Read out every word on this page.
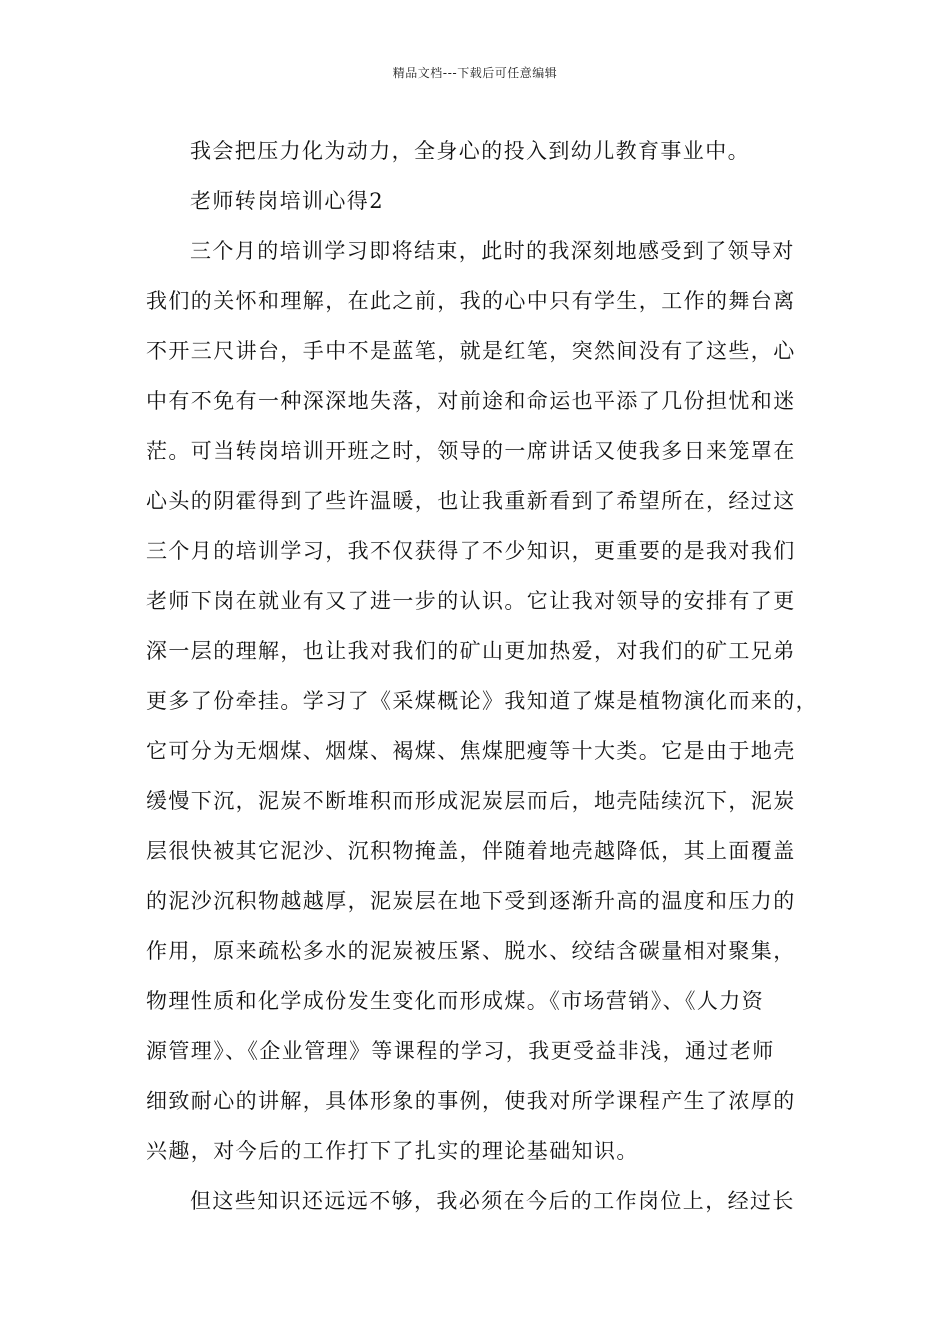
精品文档---下载后可任意编辑
我会把压力化为动力，全身心的投入到幼儿教育事业中。
老师转岗培训心得2
三个月的培训学习即将结束，此时的我深刻地感受到了领导对
我们的关怀和理解，在此之前，我的心中只有学生，工作的舞台离
不开三尺讲台，手中不是蓝笔，就是红笔，突然间没有了这些，心
中有不免有一种深深地失落，对前途和命运也平添了几份担忧和迷
茫。可当转岗培训开班之时，领导的一席讲话又使我多日来笼罩在
心头的阴霍得到了些许温暖，也让我重新看到了希望所在，经过这
三个月的培训学习，我不仅获得了不少知识，更重要的是我对我们
老师下岗在就业有又了进一步的认识。它让我对领导的安排有了更
深一层的理解，也让我对我们的矿山更加热爱，对我们的矿工兄弟
更多了份牵挂。学习了《采煤概论》我知道了煤是植物演化而来的，
它可分为无烟煤、烟煤、褐煤、焦煤肥瘦等十大类。它是由于地壳
缓慢下沉，泥炭不断堆积而形成泥炭层而后，地壳陆续沉下，泥炭
层很快被其它泥沙、沉积物掩盖，伴随着地壳越降低，其上面覆盖
的泥沙沉积物越越厚，泥炭层在地下受到逐渐升高的温度和压力的
作用，原来疏松多水的泥炭被压紧、脱水、绞结含碳量相对聚集，
物理性质和化学成份发生变化而形成煤。《市场营销》、《人力资
源管理》、《企业管理》等课程的学习，我更受益非浅，通过老师
细致耐心的讲解，具体形象的事例，使我对所学课程产生了浓厚的
兴趣，对今后的工作打下了扎实的理论基础知识。
但这些知识还远远不够，我必须在今后的工作岗位上，经过长
